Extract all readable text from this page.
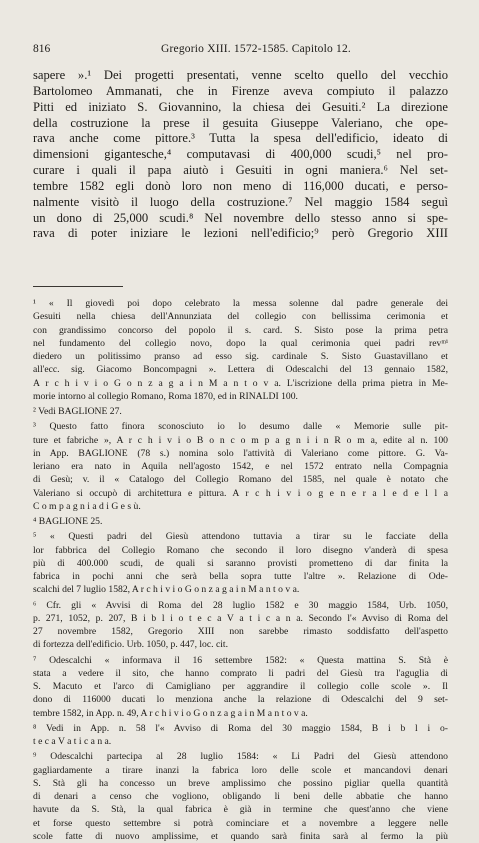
816	Gregorio XIII. 1572-1585. Capitolo 12.
sapere ».¹ Dei progetti presentati, venne scelto quello del vecchio
Bartolomeo Ammanati, che in Firenze aveva compiuto il palazzo
Pitti ed iniziato S. Giovannino, la chiesa dei Gesuiti.² La direzione
della costruzione la prese il gesuita Giuseppe Valeriano, che ope-
rava anche come pittore.³ Tutta la spesa dell'edificio, ideato di
dimensioni gigantesche,⁴ computavasi di 400,000 scudi,⁵ nel pro-
curare i quali il papa aiutò i Gesuiti in ogni maniera.⁶ Nel set-
tembre 1582 egli donò loro non meno di 116,000 ducati, e perso-
nalmente visitò il luogo della costruzione.⁷ Nel maggio 1584 seguì
un dono di 25,000 scudi.⁸ Nel novembre dello stesso anno si spe-
rava di poter iniziare le lezioni nell'edificio;⁹ però Gregorio XIII
¹ « Il giovedì poi dopo celebrato la messa solenne dal padre generale dei
Gesuiti nella chiesa dell'Annunziata del collegio con bellissima cerimonia et
con grandissimo concorso del popolo il s. card. S. Sisto pose la prima petra
nel fundamento del collegio novo, dopo la qual cerimonia quei padri revᵐⁱ
diedero un politissimo pranso ad esso sig. cardinale S. Sisto Guastavillano et
all'ecc. sig. Giacomo Boncompagni ». Lettera di Odescalchi del 13 gennaio 1582,
A r c h i v i o G o n z a g a i n M a n t o v a. L'iscrizione della prima pietra in Me-
morie intorno al collegio Romano, Roma 1870, ed in RINALDI 100.
² Vedi BAGLIONE 27.
³ Questo fatto finora sconosciuto io lo desumo dalle « Memorie sulle pit-
ture et fabriche », A r c h i v i o B o n c o m p a g n i i n R o m a, edite al n. 100
in App. BAGLIONE (78 s.) nomina solo l'attività di Valeriano come pittore. G. Va-
leriano era nato in Aquila nell'agosto 1542, e nel 1572 entrato nella Compagnia
di Gesù; v. il « Catalogo del Collegio Romano del 1585, nel quale è notato che
Valeriano si occupò di architettura e pittura. A r c h i v i o g e n e r a l e d e l l a
C o m p a g n i a d i G e s ù.
⁴ BAGLIONE 25.
⁵ « Questi padri del Giesù attendono tuttavia a tirar su le facciate della
lor fabbrica del Collegio Romano che secondo il loro disegno v'anderà di spesa
più di 400.000 scudi, de quali si saranno provisti prometteno di dar finita la
fabrica in pochi anni che serà bella sopra tutte l'altre ». Relazione di Ode-
scalchi del 7 luglio 1582, A r c h i v i o G o n z a g a i n M a n t o v a.
⁶ Cfr. gli « Avvisi di Roma del 28 luglio 1582 e 30 maggio 1584, Urb. 1050,
p. 271, 1052, p. 207, B i b l i o t e c a V a t i c a n a. Secondo l'« Avviso di Roma del
27 novembre 1582, Gregorio XIII non sarebbe rimasto soddisfatto dell'aspetto
di fortezza dell'edificio. Urb. 1050, p. 447, loc. cit.
⁷ Odescalchi « informava il 16 settembre 1582: « Questa mattina S. Stà è
stata a vedere il sito, che hanno comprato li padri del Giesù tra l'aguglia di
S. Macuto et l'arco di Camigliano per aggrandire il collegio colle scole ». Il
dono di 116000 ducati lo menziona anche la relazione di Odescalchi del 9 set-
tembre 1582, in App. n. 49, A r c h i v i o G o n z a g a i n M a n t o v a.
⁸ Vedi in App. n. 58 l'« Avviso di Roma del 30 maggio 1584, B i b l i o-
t e c a V a t i c a n a.
⁹ Odescalchi partecipa al 28 luglio 1584: « Li Padri del Giesù attendono
gagliardamente a tirare inanzi la fabrica loro delle scole et mancandovi denari
S. Stà gli ha concesso un breve amplissimo che possino pigliar quella quantità
di denari a censo che vogliono, obligando li beni delle abbatie che hanno
havute da S. Stà, la qual fabrica è già in termine che quest'anno che viene
et forse questo settembre si potrà cominciare et a novembre a leggere nelle
scole fatte di nuovo amplissime, et quando sarà finita sarà al fermo la più
